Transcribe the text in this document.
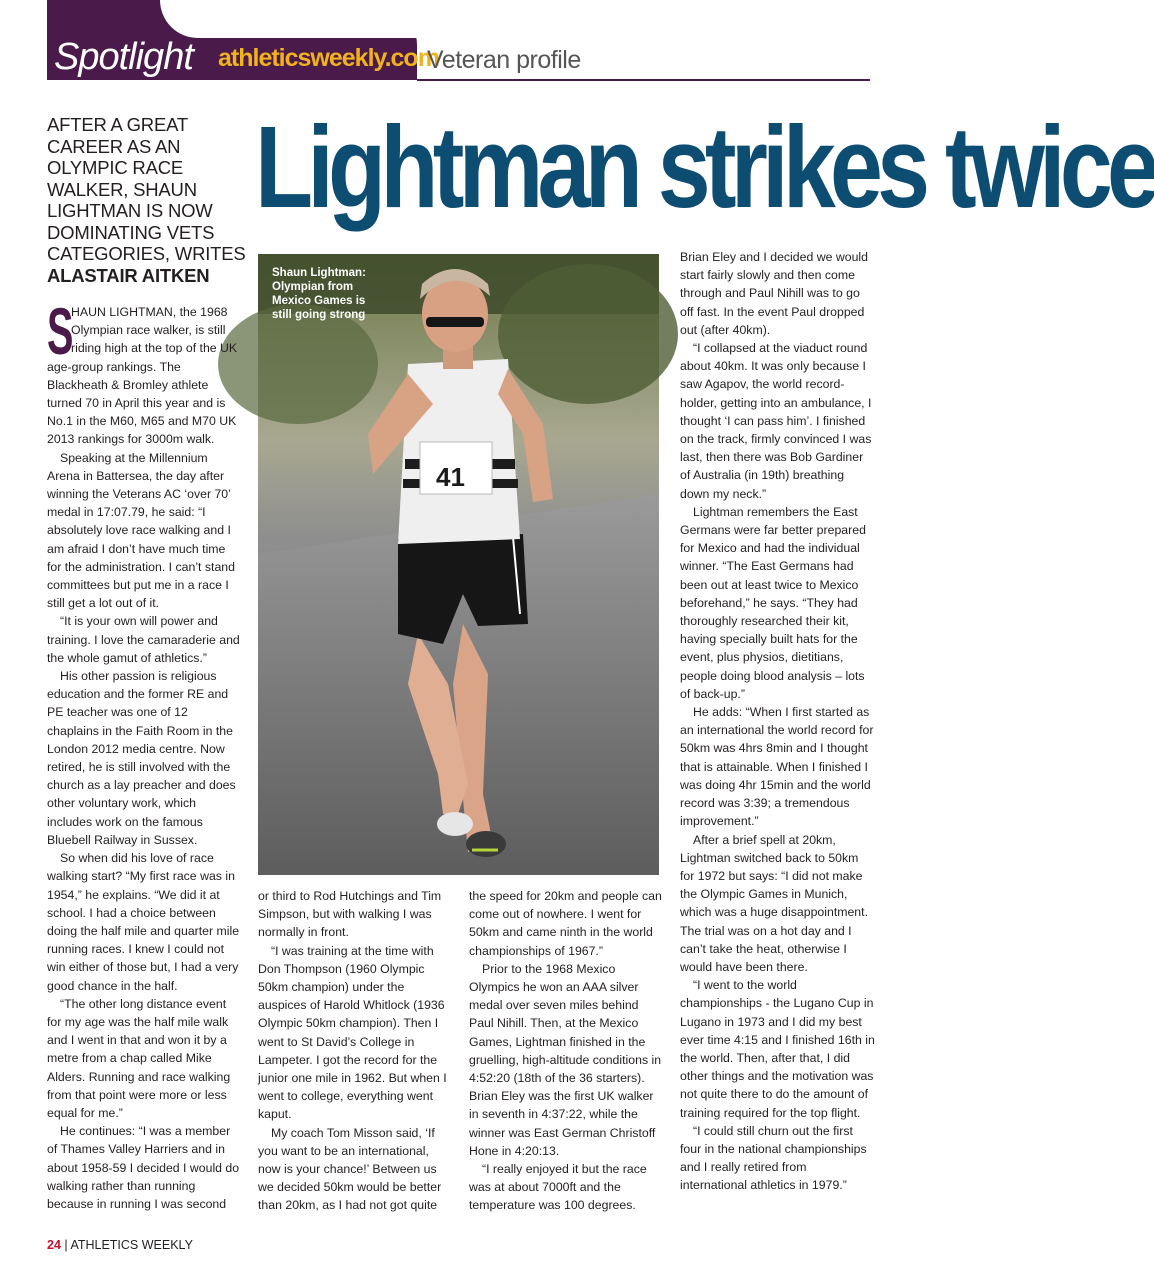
Spotlight athleticsweekly.com
Veteran profile
AFTER A GREAT CAREER AS AN OLYMPIC RACE WALKER, SHAUN LIGHTMAN IS NOW DOMINATING VETS CATEGORIES, WRITES
ALASTAIR AITKEN
Lightman strikes twice
41
Shaun Lightman: Olympian from Mexico Games is still going strong

S
HAUN LIGHTMAN, the 1968 Olympian race walker, is still riding high at the top of the UK age-group rankings. The Blackheath & Bromley athlete turned 70 in April this year and is No.1 in the M60, M65 and M70 UK 2013 rankings for 3000m walk.

Speaking at the Millennium Arena in Battersea, the day after winning the Veterans AC ‘over 70’ medal in 17:07.79, he said: “I absolutely love race walking and I am afraid I don’t have much time for the administration. I can’t stand committees but put me in a race I still get a lot out of it.

“It is your own will power and training. I love the camaraderie and the whole gamut of athletics.”

His other passion is religious education and the former RE and PE teacher was one of 12 chaplains in the Faith Room in the London 2012 media centre. Now retired, he is still involved with the church as a lay preacher and does other voluntary work, which includes work on the famous Bluebell Railway in Sussex.

So when did his love of race walking start? “My first race was in 1954,” he explains. “We did it at school. I had a choice between doing the half mile and quarter mile running races. I knew I could not win either of those but, I had a very good chance in the half.

“The other long distance event for my age was the half mile walk and I went in that and won it by a metre from a chap called Mike Alders. Running and race walking from that point were more or less equal for me.”

He continues: “I was a member of Thames Valley Harriers and in about 1958-59 I decided I would do walking rather than running because in running I was second

or third to Rod Hutchings and Tim Simpson, but with walking I was normally in front.

“I was training at the time with Don Thompson (1960 Olympic 50km champion) under the auspices of Harold Whitlock (1936 Olympic 50km champion). Then I went to St David’s College in Lampeter. I got the record for the junior one mile in 1962. But when I went to college, everything went kaput.

My coach Tom Misson said, ‘If you want to be an international, now is your chance!’ Between us we decided 50km would be better than 20km, as I had not got quite

the speed for 20km and people can come out of nowhere. I went for 50km and came ninth in the world championships of 1967.”

Prior to the 1968 Mexico Olympics he won an AAA silver medal over seven miles behind Paul Nihill. Then, at the Mexico Games, Lightman finished in the gruelling, high-altitude conditions in 4:52:20 (18th of the 36 starters). Brian Eley was the first UK walker in seventh in 4:37:22, while the winner was East German Christoff Hone in 4:20:13.

“I really enjoyed it but the race was at about 7000ft and the temperature was 100 degrees.

Brian Eley and I decided we would start fairly slowly and then come through and Paul Nihill was to go off fast. In the event Paul dropped out (after 40km).

“I collapsed at the viaduct round about 40km. It was only because I saw Agapov, the world record-holder, getting into an ambulance, I thought ‘I can pass him’. I finished on the track, firmly convinced I was last, then there was Bob Gardiner of Australia (in 19th) breathing down my neck.”

Lightman remembers the East Germans were far better prepared for Mexico and had the individual winner. “The East Germans had been out at least twice to Mexico beforehand,” he says. “They had thoroughly researched their kit, having specially built hats for the event, plus physios, dietitians, people doing blood analysis – lots of back-up.”

He adds: “When I first started as an international the world record for 50km was 4hrs 8min and I thought that is attainable. When I finished I was doing 4hr 15min and the world record was 3:39; a tremendous improvement.”

After a brief spell at 20km, Lightman switched back to 50km for 1972 but says: “I did not make the Olympic Games in Munich, which was a huge disappointment. The trial was on a hot day and I can’t take the heat, otherwise I would have been there.

“I went to the world championships - the Lugano Cup in Lugano in 1973 and I did my best ever time 4:15 and I finished 16th in the world. Then, after that, I did other things and the motivation was not quite there to do the amount of training required for the top flight.

“I could still churn out the first four in the national championships and I really retired from international athletics in 1979.”

24 | ATHLETICS WEEKLY
